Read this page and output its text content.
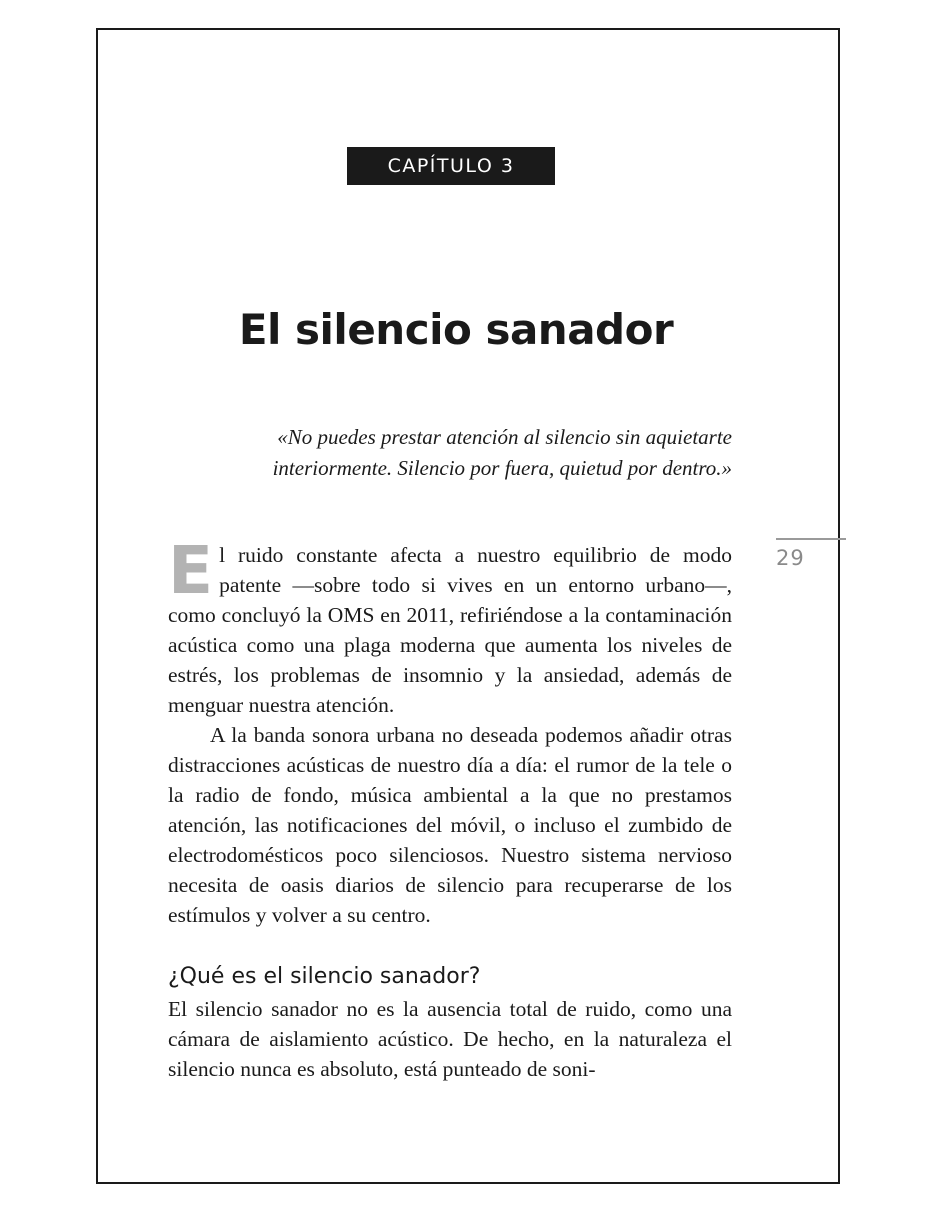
CAPÍTULO 3
El silencio sanador

«No puedes prestar atención al silencio sin aquietarte
interiormente. Silencio por fuera, quietud por dentro.»

29

El ruido constante afecta a nuestro equilibrio de modo patente —sobre todo si vives en un entorno urbano—, como concluyó la OMS en 2011, refiriéndose a la contaminación acústica como una plaga moderna que aumenta los niveles de estrés, los problemas de insomnio y la ansiedad, además de menguar nuestra atención.

A la banda sonora urbana no deseada podemos añadir otras distracciones acústicas de nuestro día a día: el rumor de la tele o la radio de fondo, música ambiental a la que no prestamos atención, las notificaciones del móvil, o incluso el zumbido de electrodomésticos poco silenciosos. Nuestro sistema nervioso necesita de oasis diarios de silencio para recuperarse de los estímulos y volver a su centro.

¿Qué es el silencio sanador?

El silencio sanador no es la ausencia total de ruido, como una cámara de aislamiento acústico. De hecho, en la naturaleza el silencio nunca es absoluto, está punteado de soni-
